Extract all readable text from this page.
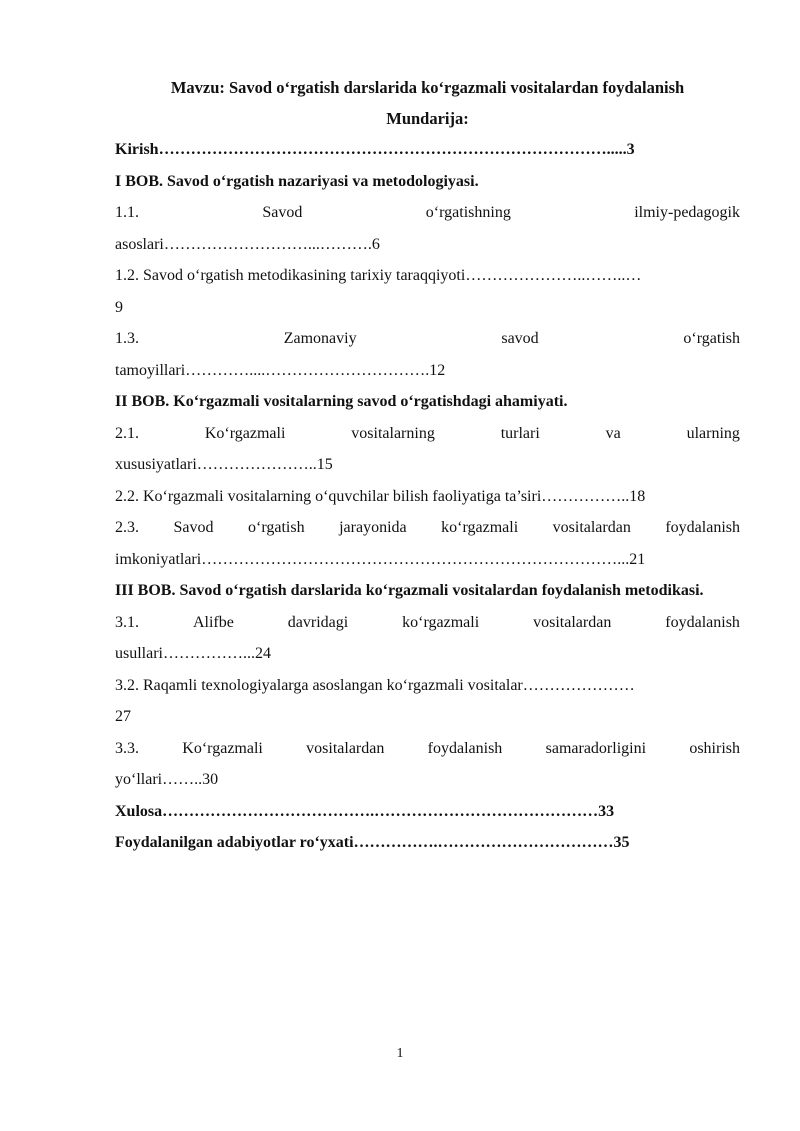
Mavzu: Savod o‘rgatish darslarida ko‘rgazmali vositalardan foydalanish
Mundarija:
Kirish………………………………………………………………………….....3
I BOB. Savod o‘rgatish nazariyasi va metodologiyasi.
1.1.	Savod	o‘rgatishning	ilmiy-pedagogik
asoslari………………………...……….6
1.2. Savod o‘rgatish metodikasining tarixiy taraqqiyoti…………………..……..…
9
1.3.	Zamonaviy	savod	o‘rgatish
tamoyillari…………....………………………….12
II BOB. Ko‘rgazmali vositalarning savod o‘rgatishdagi ahamiyati.
2.1.	Ko‘rgazmali	vositalarning	turlari	va	ularning
xususiyatlari…………………..15
2.2. Ko‘rgazmali vositalarning o‘quvchilar bilish faoliyatiga ta’siri……………..18
2.3. Savod o‘rgatish jarayonida ko‘rgazmali vositalardan foydalanish
imkoniyatlari……………………………………………………………………...21
III BOB. Savod o‘rgatish darslarida ko‘rgazmali vositalardan foydalanish metodikasi.
3.1.	Alifbe	davridagi	ko‘rgazmali	vositalardan	foydalanish
usullari……………...24
3.2. Raqamli texnologiyalarga asoslangan ko‘rgazmali vositalar…………………
27
3.3.	Ko‘rgazmali	vositalardan	foydalanish	samaradorligini	oshirish
yo‘llari……..30
Xulosa………………………………….……………………………………33
Foydalanilgan adabiyotlar ro‘yxati…………….……………………………35
1
